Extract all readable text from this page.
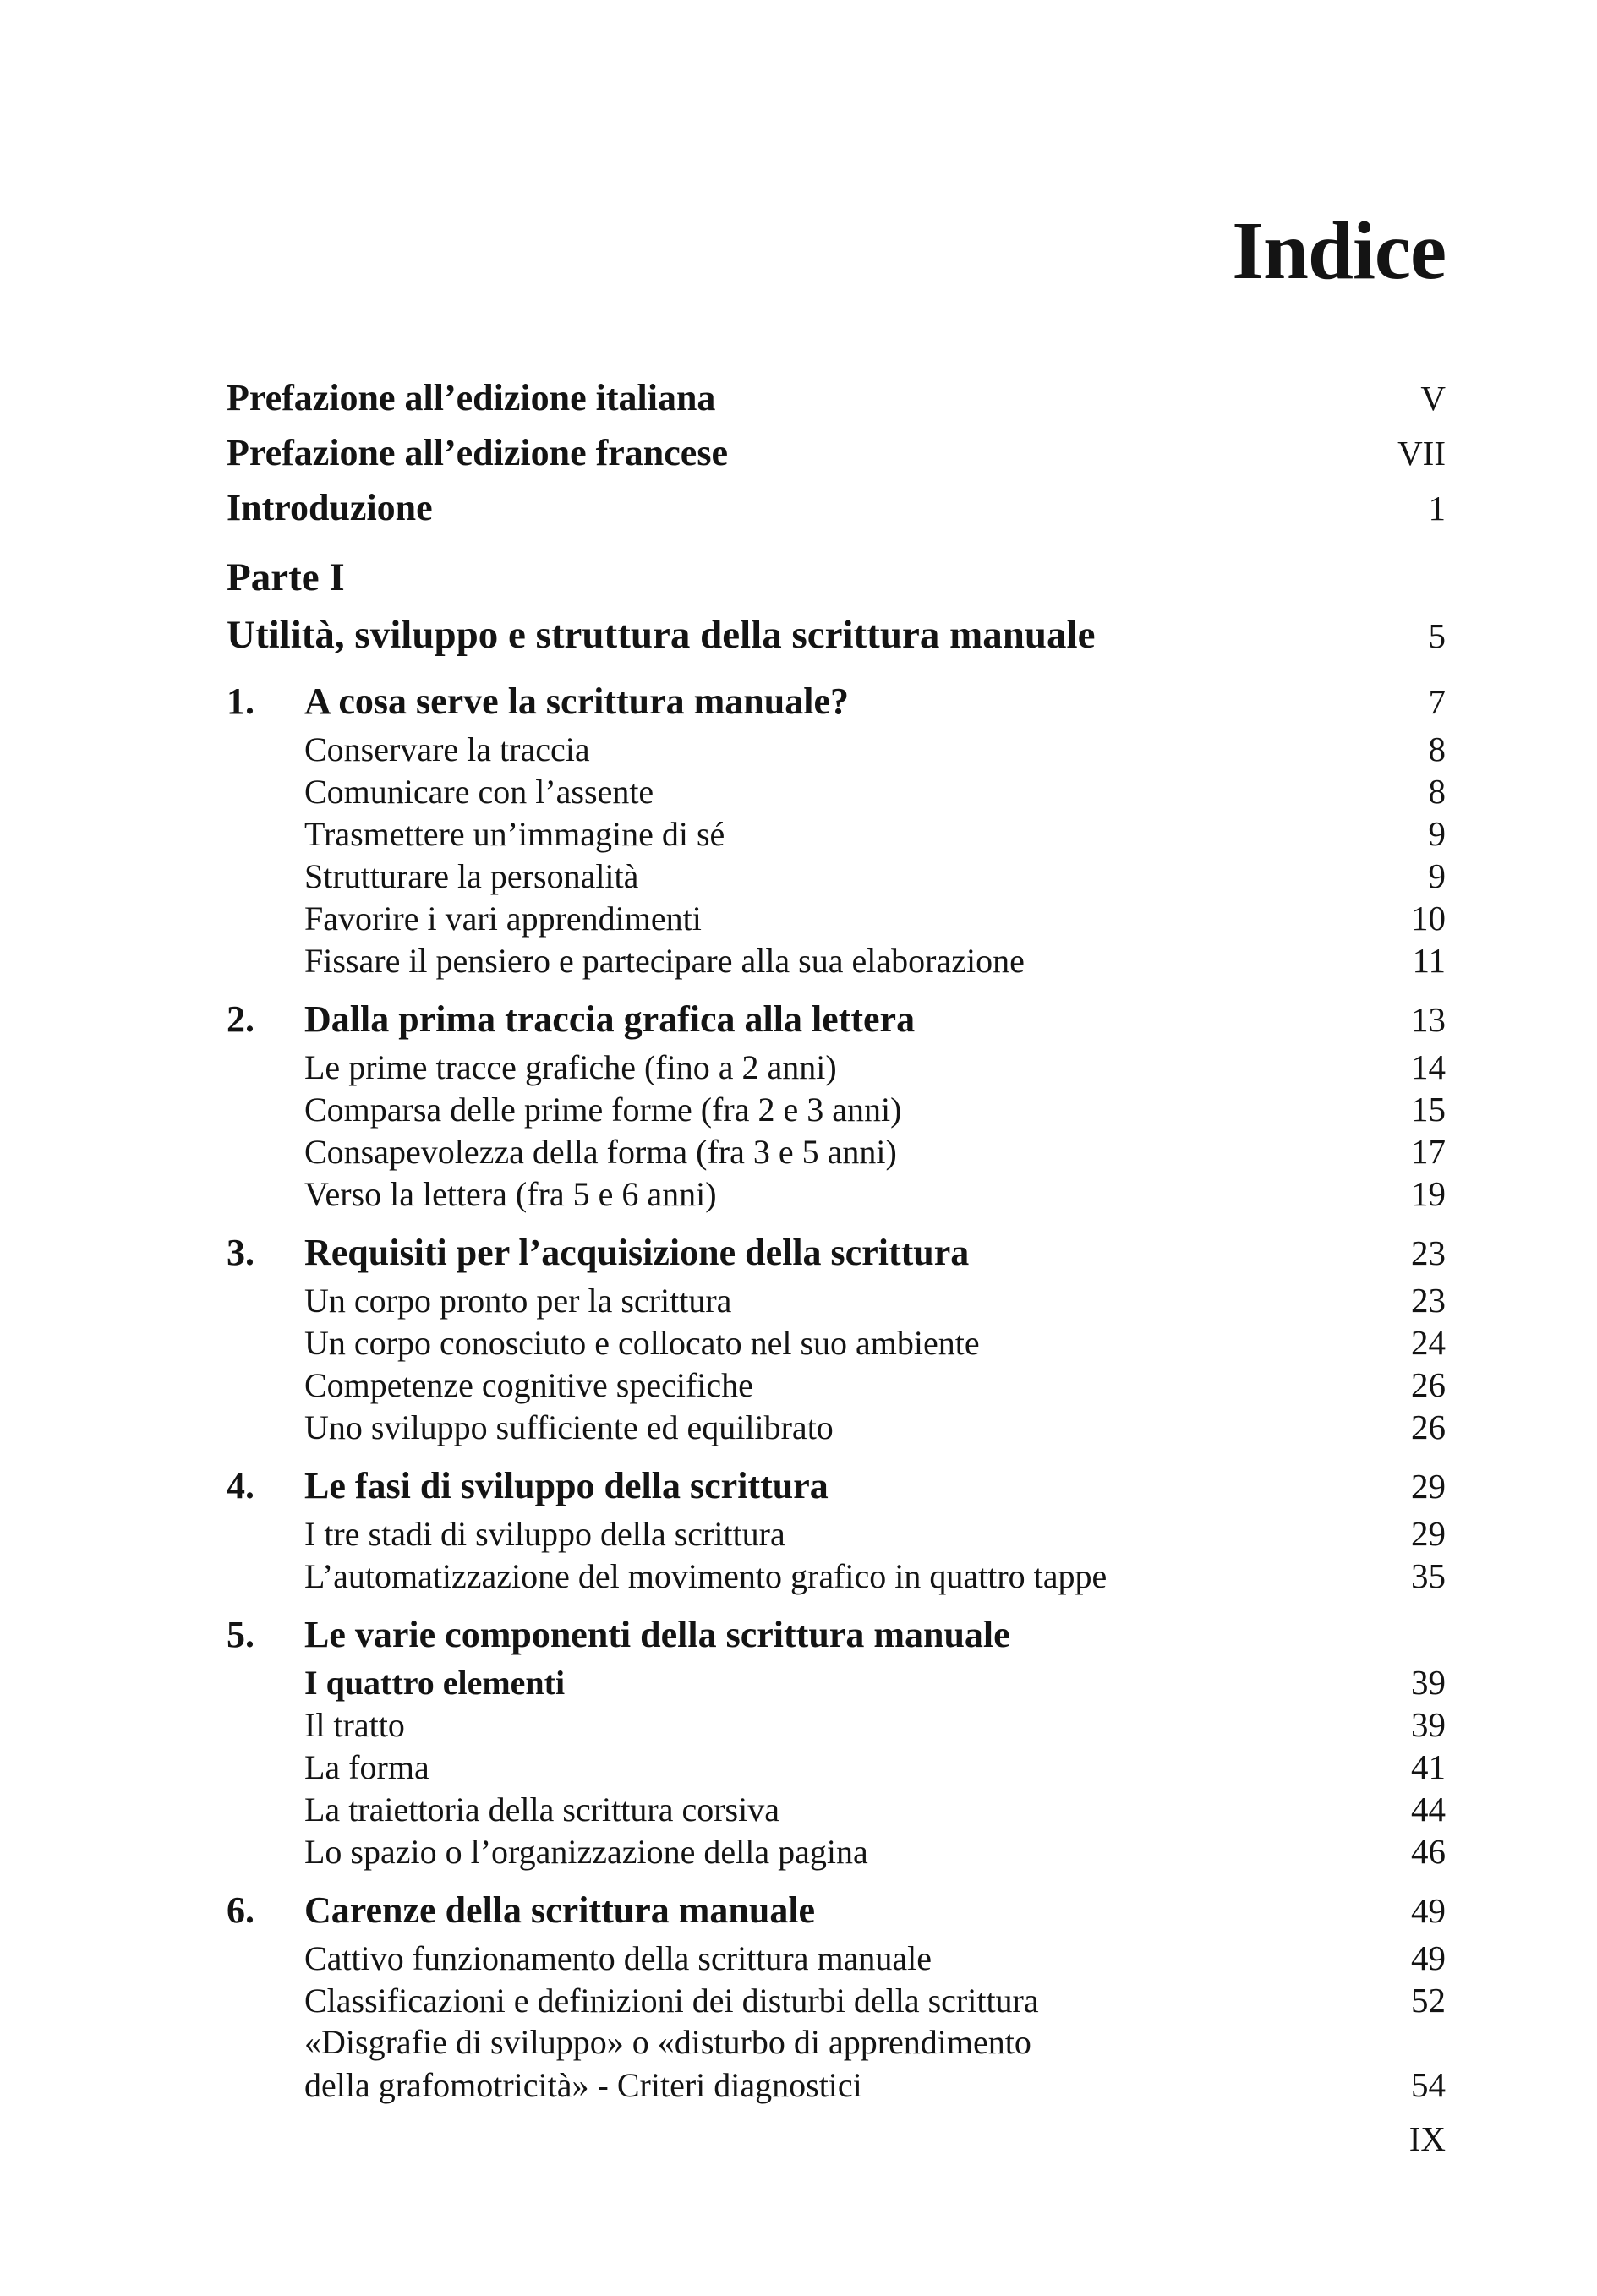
Indice
Prefazione all’edizione italiana	V
Prefazione all’edizione francese	VII
Introduzione	1
Parte I
Utilità, sviluppo e struttura della scrittura manuale	5
1.	A cosa serve la scrittura manuale?	7
Conservare la traccia	8
Comunicare con l’assente	8
Trasmettere un’immagine di sé	9
Strutturare la personalità	9
Favorire i vari apprendimenti	10
Fissare il pensiero e partecipare alla sua elaborazione	11
2.	Dalla prima traccia grafica alla lettera	13
Le prime tracce grafiche (fino a 2 anni)	14
Comparsa delle prime forme (fra 2 e 3 anni)	15
Consapevolezza della forma (fra 3 e 5 anni)	17
Verso la lettera (fra 5 e 6 anni)	19
3.	Requisiti per l’acquisizione della scrittura	23
Un corpo pronto per la scrittura	23
Un corpo conosciuto e collocato nel suo ambiente	24
Competenze cognitive specifiche	26
Uno sviluppo sufficiente ed equilibrato	26
4.	Le fasi di sviluppo della scrittura	29
I tre stadi di sviluppo della scrittura	29
L’automatizzazione del movimento grafico in quattro tappe	35
5.	Le varie componenti della scrittura manuale
I quattro elementi	39
Il tratto	39
La forma	41
La traiettoria della scrittura corsiva	44
Lo spazio o l’organizzazione della pagina	46
6.	Carenze della scrittura manuale	49
Cattivo funzionamento della scrittura manuale	49
Classificazioni e definizioni dei disturbi della scrittura	52
«Disgrafie di sviluppo» o «disturbo di apprendimento
della grafomotricità» - Criteri diagnostici	54
IX
